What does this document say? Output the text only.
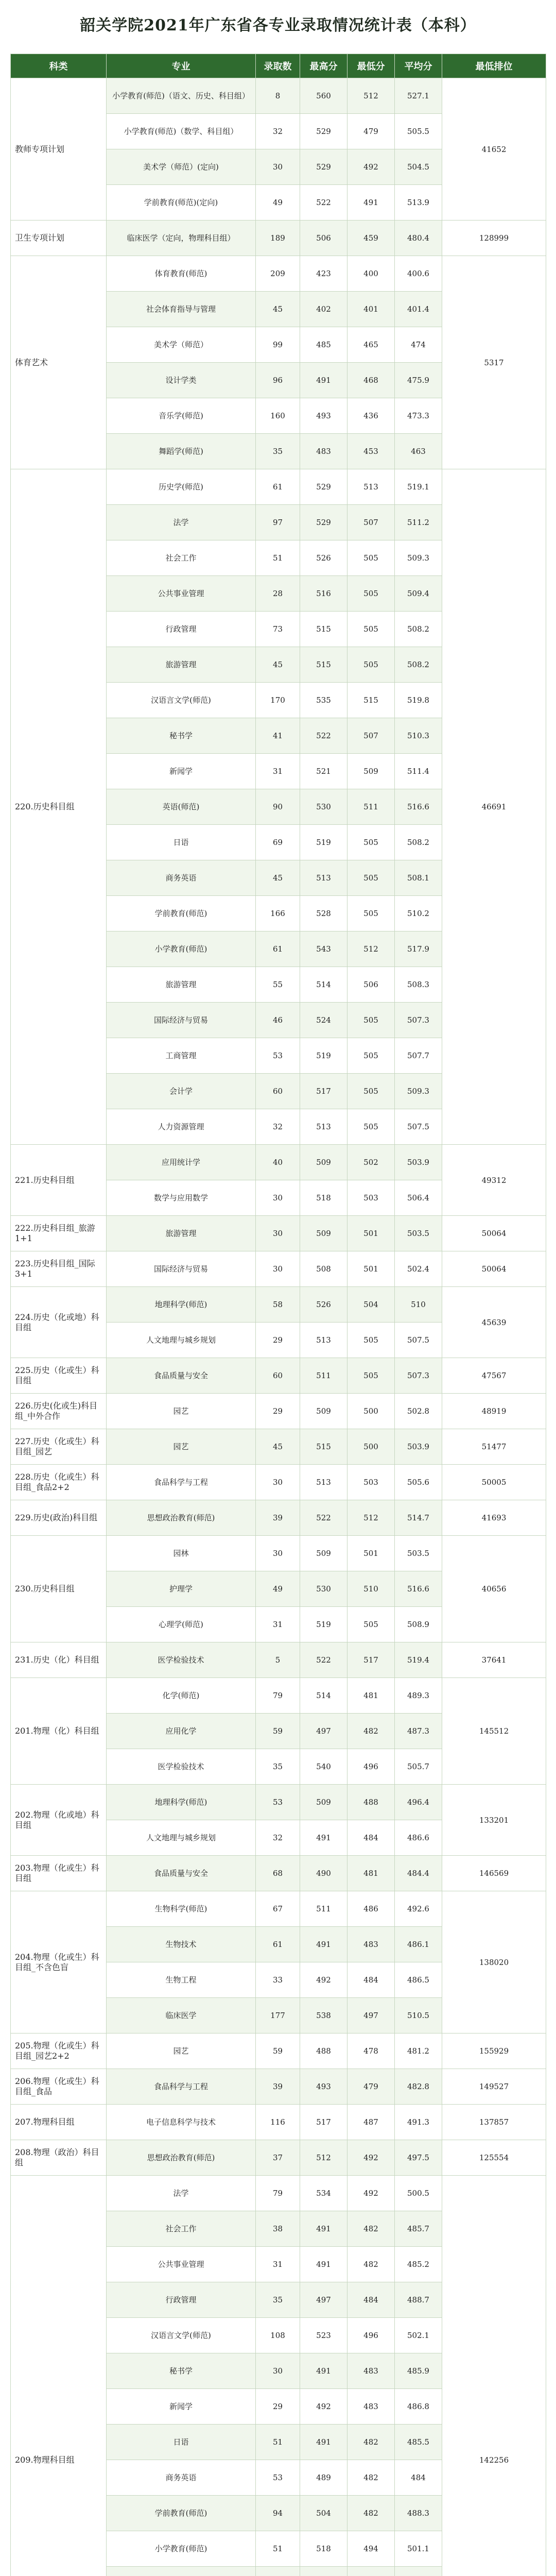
韶关学院2021年广东省各专业录取情况统计表（本科）
科类	专业	录取数	最高分	最低分	平均分	最低排位
教师专项计划	小学教育(师范)（语文、历史、科目组）	8	560	512	527.1	41652
	小学教育(师范)（数学、科目组）	32	529	479	505.5	
	美术学（师范）(定向)	30	529	492	504.5	
	学前教育(师范)(定向)	49	522	491	513.9	
卫生专项计划	临床医学（定向，物理科目组）	189	506	459	480.4	128999
体育艺术	体育教育(师范)	209	423	400	400.6	5317
	社会体育指导与管理	45	402	401	401.4	
	美术学（师范）	99	485	465	474	
	设计学类	96	491	468	475.9	
	音乐学(师范)	160	493	436	473.3	
	舞蹈学(师范)	35	483	453	463	
220.历史科目组	历史学(师范)	61	529	513	519.1	46691
	法学	97	529	507	511.2	
	社会工作	51	526	505	509.3	
	公共事业管理	28	516	505	509.4	
	行政管理	73	515	505	508.2	
	旅游管理	45	515	505	508.2	
	汉语言文学(师范)	170	535	515	519.8	
	秘书学	41	522	507	510.3	
	新闻学	31	521	509	511.4	
	英语(师范)	90	530	511	516.6	
	日语	69	519	505	508.2	
	商务英语	45	513	505	508.1	
	学前教育(师范)	166	528	505	510.2	
	小学教育(师范)	61	543	512	517.9	
	旅游管理	55	514	506	508.3	
	国际经济与贸易	46	524	505	507.3	
	工商管理	53	519	505	507.7	
	会计学	60	517	505	509.3	
	人力资源管理	32	513	505	507.5	
221.历史科目组	应用统计学	40	509	502	503.9	49312
	数学与应用数学	30	518	503	506.4	
222.历史科目组_旅游1+1	旅游管理	30	509	501	503.5	50064
223.历史科目组_国际3+1	国际经济与贸易	30	508	501	502.4	50064
224.历史（化或地）科目组	地理科学(师范)	58	526	504	510	45639
	人文地理与城乡规划	29	513	505	507.5	
225.历史（化或生）科目组	食品质量与安全	60	511	505	507.3	47567
226.历史(化或生)科目组_中外合作	园艺	29	509	500	502.8	48919
227.历史（化或生）科目组_园艺	园艺	45	515	500	503.9	51477
228.历史（化或生）科目组_食品2+2	食品科学与工程	30	513	503	505.6	50005
229.历史(政治)科目组	思想政治教育(师范)	39	522	512	514.7	41693
230.历史科目组	园林	30	509	501	503.5	40656
	护理学	49	530	510	516.6	
	心理学(师范)	31	519	505	508.9	
231.历史（化）科目组	医学检验技术	5	522	517	519.4	37641
201.物理（化）科目组	化学(师范)	79	514	481	489.3	145512
	应用化学	59	497	482	487.3	
	医学检验技术	35	540	496	505.7	
202.物理（化或地）科目组	地理科学(师范)	53	509	488	496.4	133201
	人文地理与城乡规划	32	491	484	486.6	
203.物理（化或生）科目组	食品质量与安全	68	490	481	484.4	146569
204.物理（化或生）科目组_不含色盲	生物科学(师范)	67	511	486	492.6	138020
	生物技术	61	491	483	486.1	
	生物工程	33	492	484	486.5	
	临床医学	177	538	497	510.5	
205.物理（化或生）科目组_园艺2+2	园艺	59	488	478	481.2	155929
206.物理（化或生）科目组_食品	食品科学与工程	39	493	479	482.8	149527
207.物理科目组	电子信息科学与技术	116	517	487	491.3	137857
208.物理（政治）科目组	思想政治教育(师范)	37	512	492	497.5	125554
209.物理科目组	法学	79	534	492	500.5	142256
	社会工作	38	491	482	485.7	
	公共事业管理	31	491	482	485.2	
	行政管理	35	497	484	488.7	
	汉语言文学(师范)	108	523	496	502.1	
	秘书学	30	491	483	485.9	
	新闻学	29	492	483	486.8	
	日语	51	491	482	485.5	
	商务英语	53	489	482	484	
	学前教育(师范)	94	504	482	488.3	
	小学教育(师范)	51	518	494	501.1	
